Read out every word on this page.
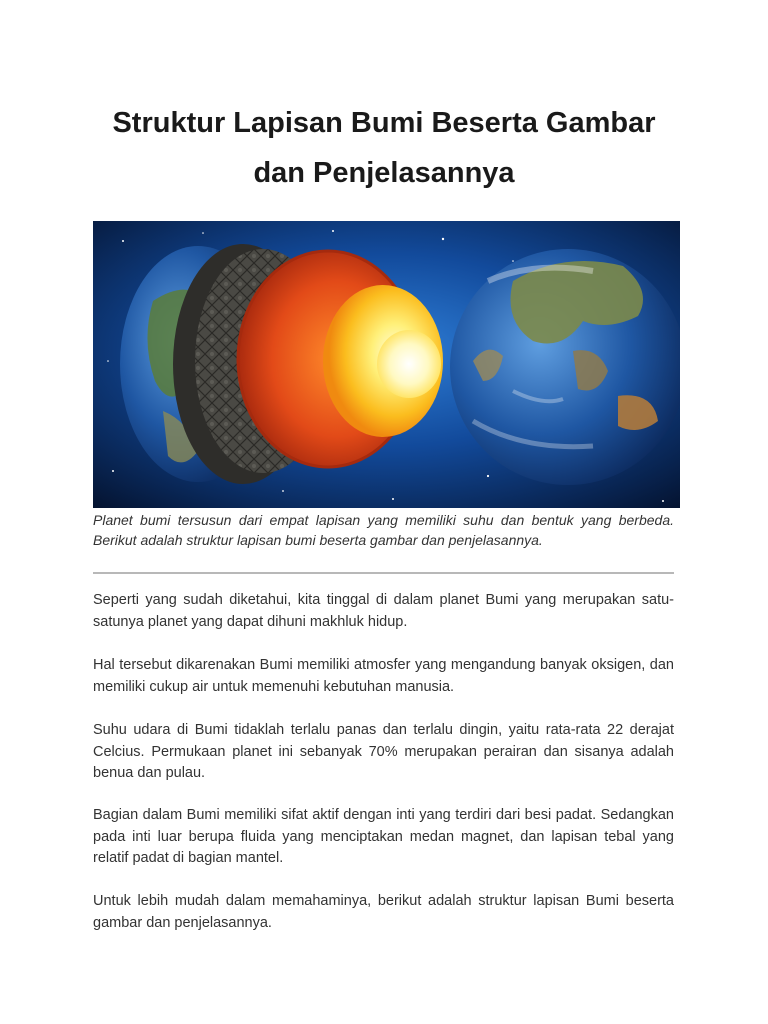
Struktur Lapisan Bumi Beserta Gambar
dan Penjelasannya

Planet bumi tersusun dari empat lapisan yang memiliki suhu dan bentuk yang berbeda. Berikut adalah struktur lapisan bumi beserta gambar dan penjelasannya.

Seperti yang sudah diketahui, kita tinggal di dalam planet Bumi yang merupakan satu-satunya planet yang dapat dihuni makhluk hidup.

Hal tersebut dikarenakan Bumi memiliki atmosfer yang mengandung banyak oksigen, dan memiliki cukup air untuk memenuhi kebutuhan manusia.

Suhu udara di Bumi tidaklah terlalu panas dan terlalu dingin, yaitu rata-rata 22 derajat Celcius. Permukaan planet ini sebanyak 70% merupakan perairan dan sisanya adalah benua dan pulau.

Bagian dalam Bumi memiliki sifat aktif dengan inti yang terdiri dari besi padat. Sedangkan pada inti luar berupa fluida yang menciptakan medan magnet, dan lapisan tebal yang relatif padat di bagian mantel.

Untuk lebih mudah dalam memahaminya, berikut adalah struktur lapisan Bumi beserta gambar dan penjelasannya.
